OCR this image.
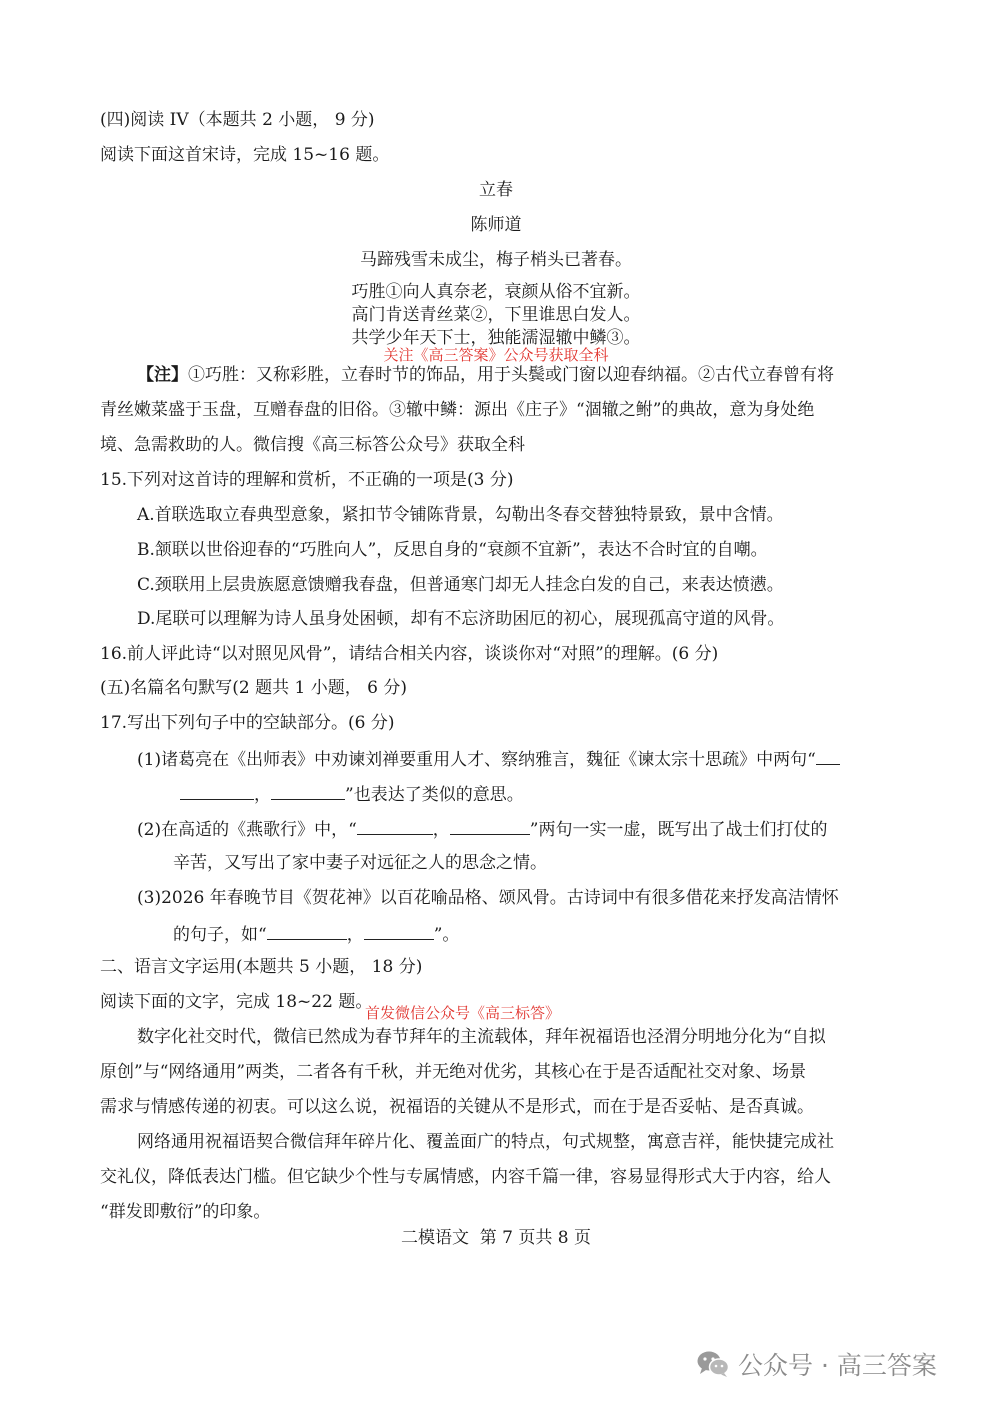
(四)阅读 IV（本题共 2 小题， 9 分)
阅读下面这首宋诗，完成 15~16 题。
立春
陈师道
马蹄残雪未成尘，梅子梢头已著春。
巧胜①向人真奈老，衰颜从俗不宜新。
高门肯送青丝菜②，下里谁思白发人。
共学少年天下士，独能濡湿辙中鳞③。
关注《高三答案》公众号获取全科
【注】①巧胜：又称彩胜，立春时节的饰品，用于头鬓或门窗以迎春纳福。②古代立春曾有将
青丝嫩菜盛于玉盘，互赠春盘的旧俗。③辙中鳞：源出《庄子》“涸辙之鲋”的典故，意为身处绝
境、急需救助的人。微信搜《高三标答公众号》获取全科
15.下列对这首诗的理解和赏析，不正确的一项是(3 分)
A.首联选取立春典型意象，紧扣节令铺陈背景，勾勒出冬春交替独特景致，景中含情。
B.颔联以世俗迎春的“巧胜向人”，反思自身的“衰颜不宜新”，表达不合时宜的自嘲。
C.颈联用上层贵族愿意馈赠我春盘，但普通寒门却无人挂念白发的自己，来表达愤懑。
D.尾联可以理解为诗人虽身处困顿，却有不忘济助困厄的初心，展现孤高守道的风骨。
16.前人评此诗“以对照见风骨”，请结合相关内容，谈谈你对“对照”的理解。(6 分)
(五)名篇名句默写(2 题共 1 小题， 6 分)
17.写出下列句子中的空缺部分。(6 分)
(1)诸葛亮在《出师表》中劝谏刘禅要重用人才、察纳雅言，魏征《谏太宗十思疏》中两句“
，	”也表达了类似的意思。
(2)在高适的《燕歌行》中，“	，	”两句一实一虚，既写出了战士们打仗的
辛苦，又写出了家中妻子对远征之人的思念之情。
(3)2026 年春晚节目《贺花神》以百花喻品格、颂风骨。古诗词中有很多借花来抒发高洁情怀
的句子，如“	，	”。
二、语言文字运用(本题共 5 小题， 18 分)
阅读下面的文字，完成 18~22 题。
首发微信公众号《高三标答》
数字化社交时代，微信已然成为春节拜年的主流载体，拜年祝福语也泾渭分明地分化为“自拟
原创”与“网络通用”两类，二者各有千秋，并无绝对优劣，其核心在于是否适配社交对象、场景
需求与情感传递的初衷。可以这么说，祝福语的关键从不是形式，而在于是否妥帖、是否真诚。
网络通用祝福语契合微信拜年碎片化、覆盖面广的特点，句式规整，寓意吉祥，能快捷完成社
交礼仪，降低表达门槛。但它缺少个性与专属情感，内容千篇一律，容易显得形式大于内容，给人
“群发即敷衍”的印象。
二模语文  第 7 页共 8 页
公众号 · 高三答案
